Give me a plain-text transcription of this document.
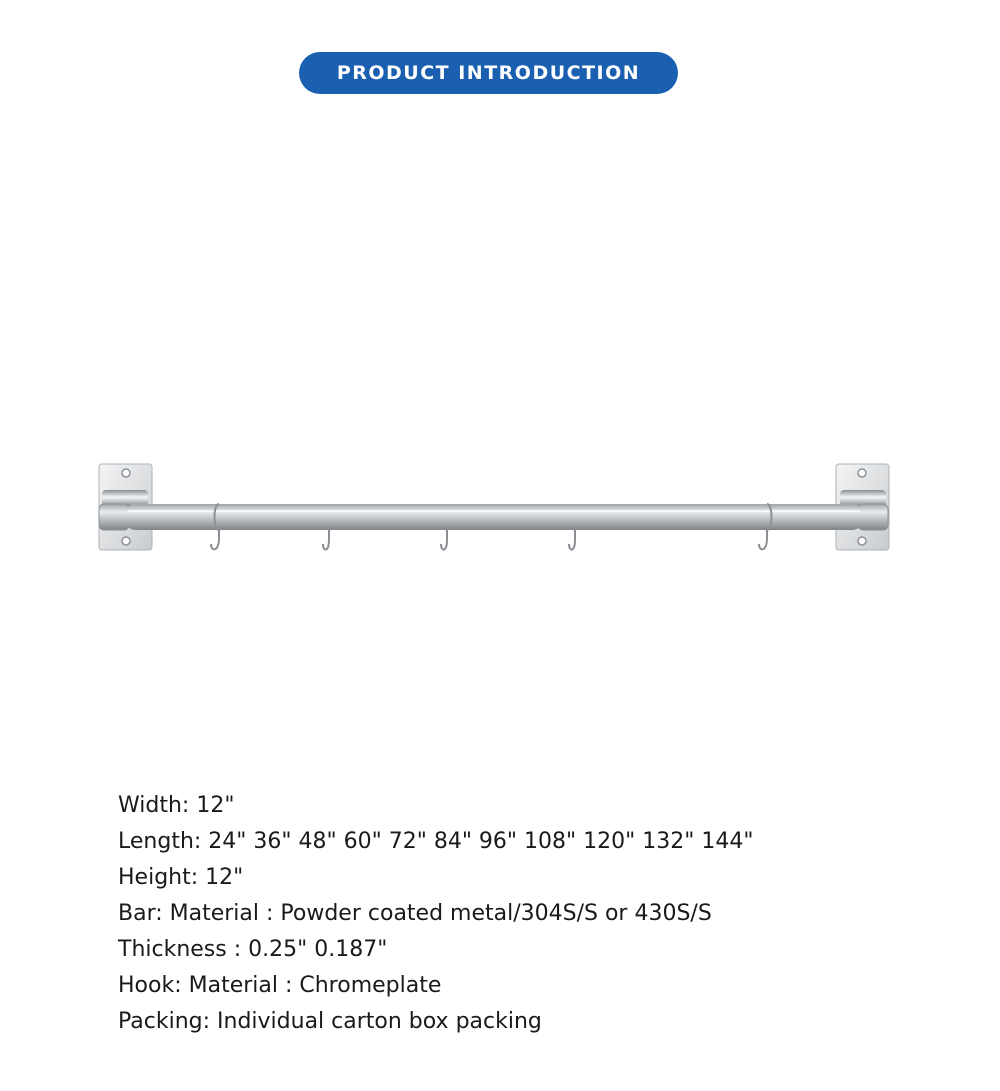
PRODUCT INTRODUCTION
Width: 12"
Length: 24" 36" 48" 60" 72" 84" 96" 108" 120" 132" 144"
Height: 12"
Bar: Material : Powder coated metal/304S/S or 430S/S
Thickness : 0.25" 0.187"
Hook: Material : Chromeplate
Packing: Individual carton box packing
